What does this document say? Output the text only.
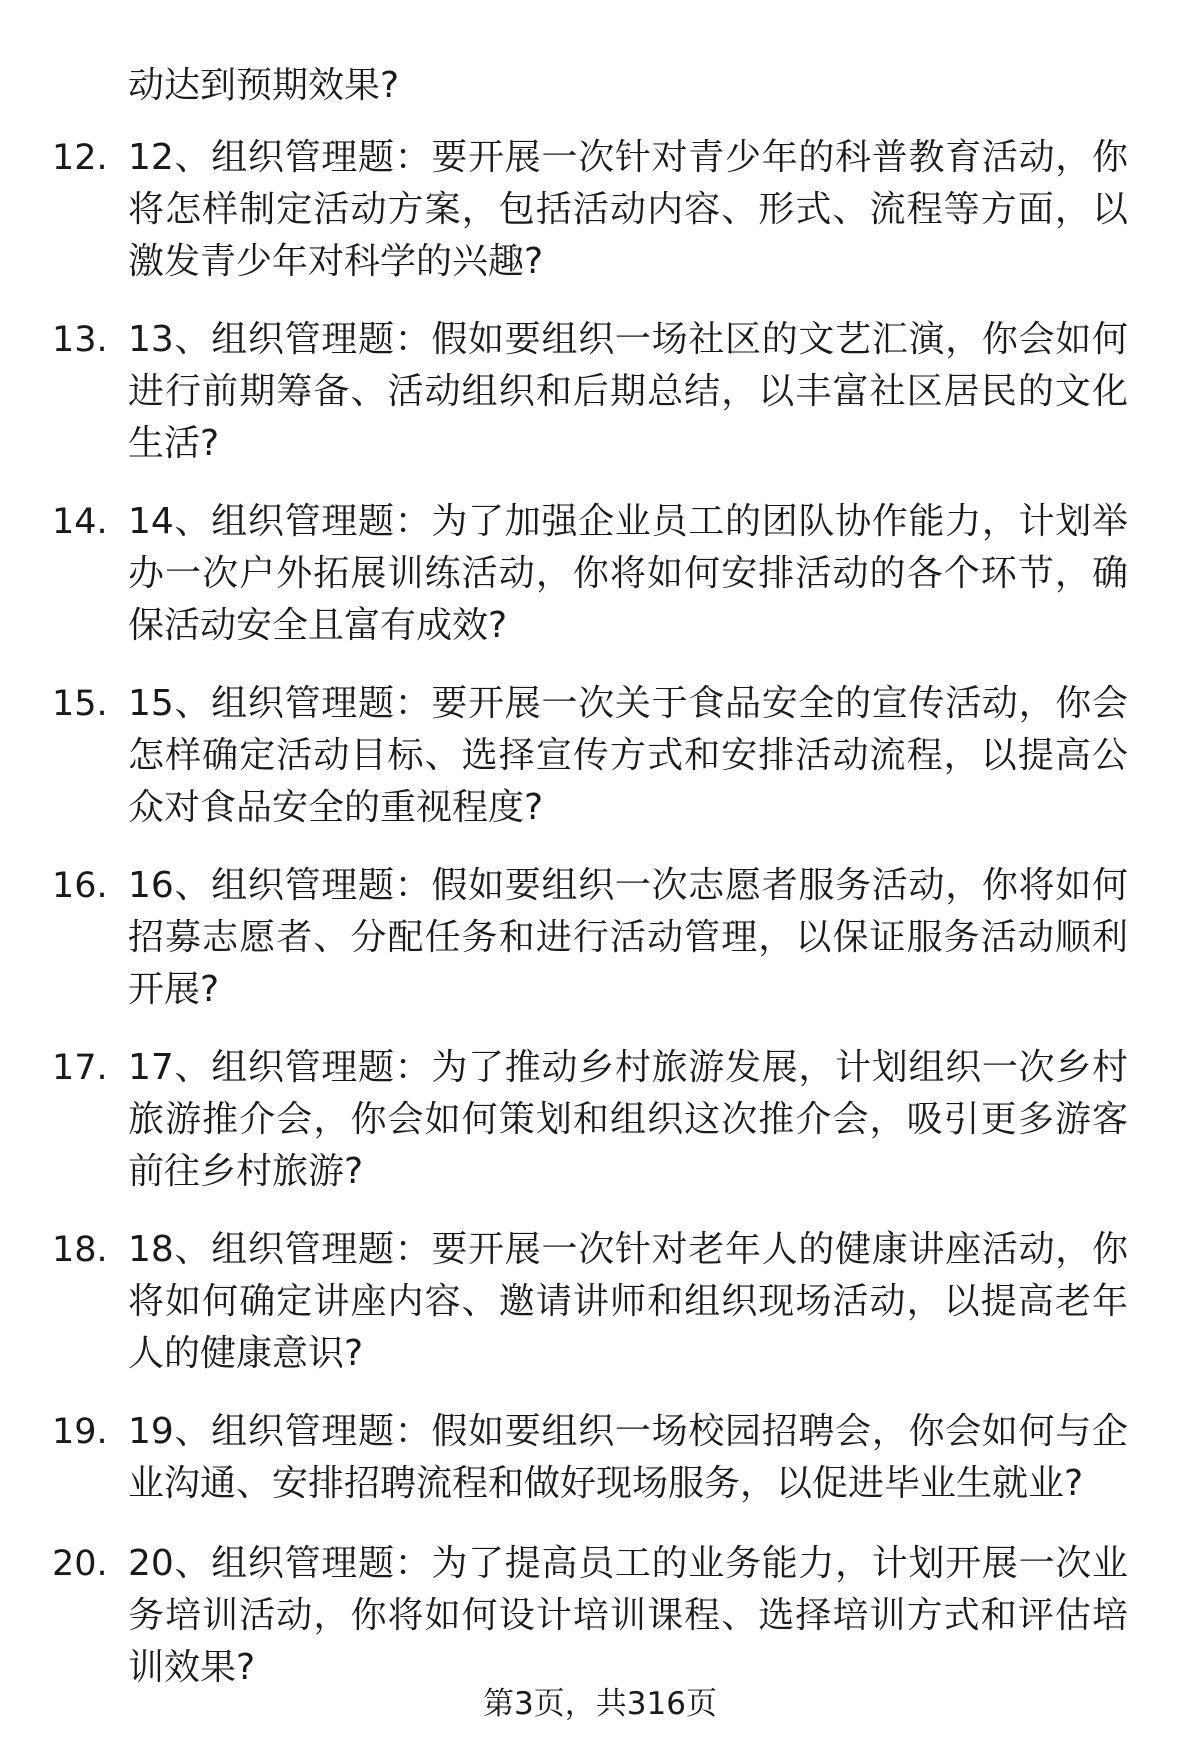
动达到预期效果?
12. 12、组织管理题：要开展一次针对青少年的科普教育活动，你将怎样制定活动方案，包括活动内容、形式、流程等方面，以激发青少年对科学的兴趣?
13. 13、组织管理题：假如要组织一场社区的文艺汇演，你会如何进行前期筹备、活动组织和后期总结，以丰富社区居民的文化生活?
14. 14、组织管理题：为了加强企业员工的团队协作能力，计划举办一次户外拓展训练活动，你将如何安排活动的各个环节，确保活动安全且富有成效?
15. 15、组织管理题：要开展一次关于食品安全的宣传活动，你会怎样确定活动目标、选择宣传方式和安排活动流程，以提高公众对食品安全的重视程度?
16. 16、组织管理题：假如要组织一次志愿者服务活动，你将如何招募志愿者、分配任务和进行活动管理，以保证服务活动顺利开展?
17. 17、组织管理题：为了推动乡村旅游发展，计划组织一次乡村旅游推介会，你会如何策划和组织这次推介会，吸引更多游客前往乡村旅游?
18. 18、组织管理题：要开展一次针对老年人的健康讲座活动，你将如何确定讲座内容、邀请讲师和组织现场活动，以提高老年人的健康意识?
19. 19、组织管理题：假如要组织一场校园招聘会，你会如何与企业沟通、安排招聘流程和做好现场服务，以促进毕业生就业?
20. 20、组织管理题：为了提高员工的业务能力，计划开展一次业务培训活动，你将如何设计培训课程、选择培训方式和评估培训效果?
第3页，共316页
